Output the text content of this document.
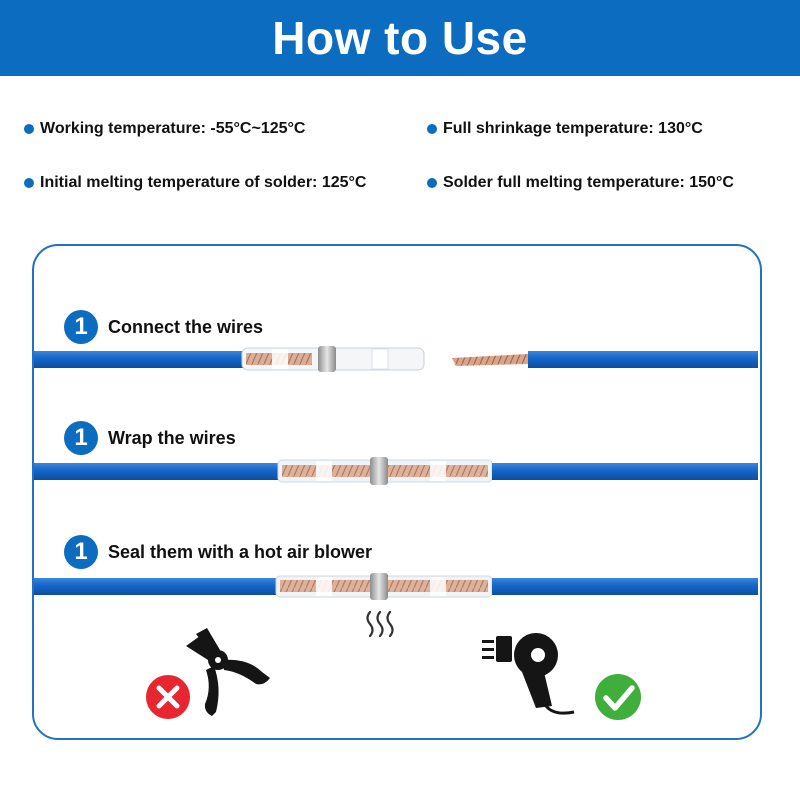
How to Use
Working temperature: -55°C~125°C	Full shrinkage temperature: 130°C
Initial melting temperature of solder: 125°C	Solder full melting temperature: 150°C
1	Connect the wires
1	Wrap the wires
1	Seal them with a hot air blower
